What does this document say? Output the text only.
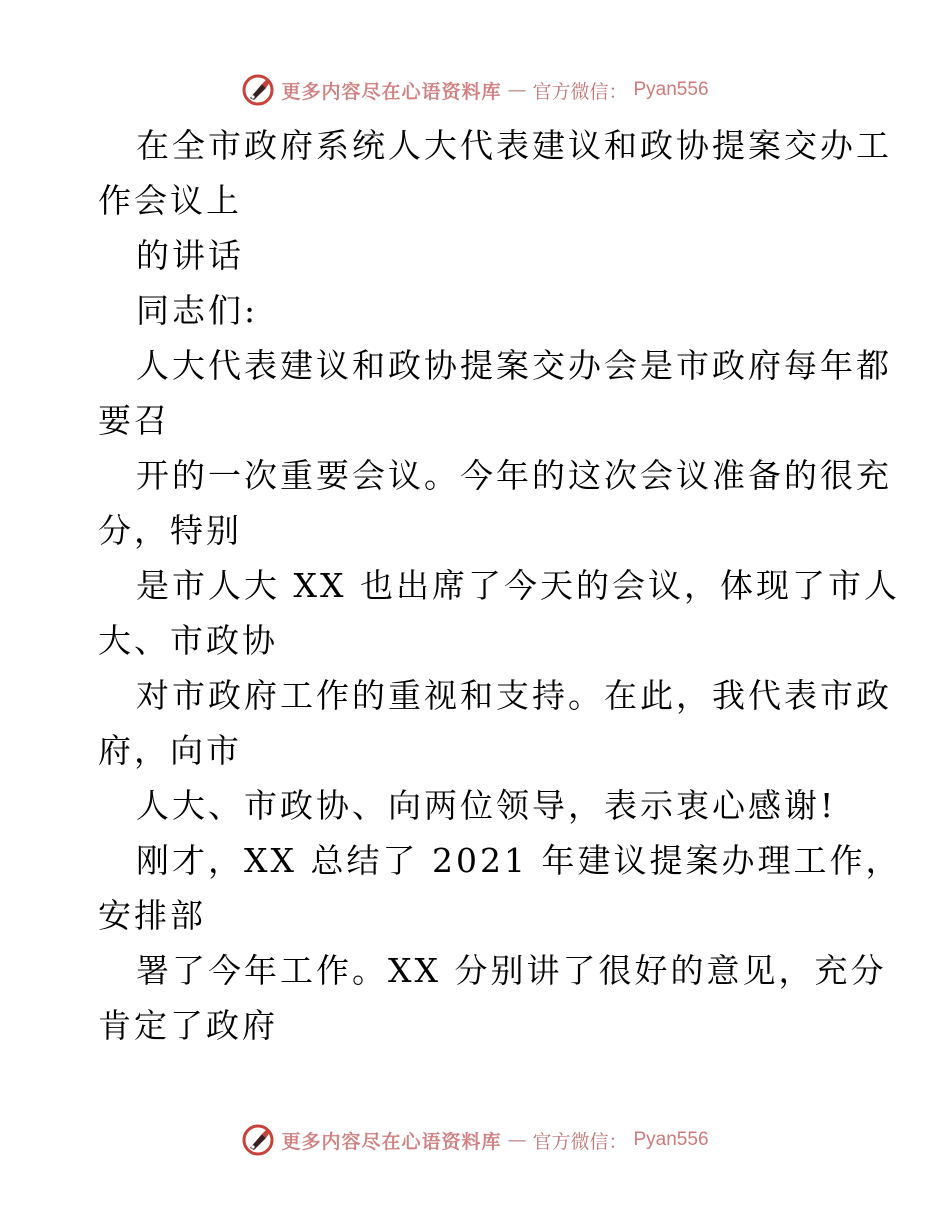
更多内容尽在心语资料库 — 官方微信： Pyan556

在全市政府系统人大代表建议和政协提案交办工
作会议上

的讲话

同志们:

人大代表建议和政协提案交办会是市政府每年都
要召

开的一次重要会议。今年的这次会议准备的很充
分，特别

是市人大 XX 也出席了今天的会议，体现了市人
大、市政协

对市政府工作的重视和支持。在此，我代表市政
府，向市

人大、市政协、向两位领导，表示衷心感谢!

刚才，XX 总结了 2021 年建议提案办理工作，
安排部

署了今年工作。XX 分别讲了很好的意见，充分
肯定了政府

更多内容尽在心语资料库 — 官方微信： Pyan556
